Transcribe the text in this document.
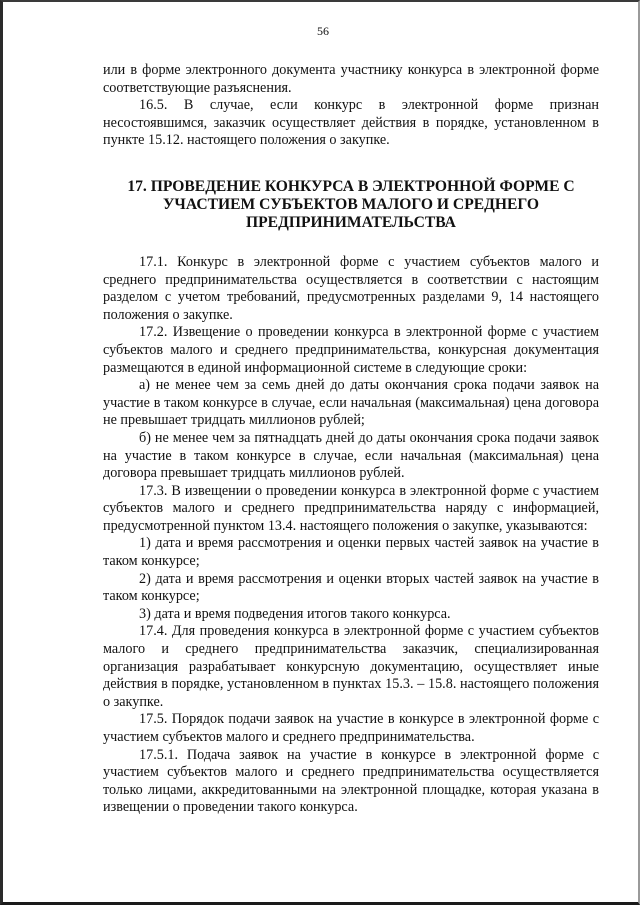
56

или в форме электронного документа участнику конкурса в электронной форме соответствующие разъяснения.

16.5. В случае, если конкурс в электронной форме признан несостоявшимся, заказчик осуществляет действия в порядке, установленном в пункте 15.12. настоящего положения о закупке.

17. ПРОВЕДЕНИЕ КОНКУРСА В ЭЛЕКТРОННОЙ ФОРМЕ С УЧАСТИЕМ СУБЪЕКТОВ МАЛОГО И СРЕДНЕГО ПРЕДПРИНИМАТЕЛЬСТВА

17.1. Конкурс в электронной форме с участием субъектов малого и среднего предпринимательства осуществляется в соответствии с настоящим разделом с учетом требований, предусмотренных разделами 9, 14 настоящего положения о закупке.

17.2. Извещение о проведении конкурса в электронной форме с участием субъектов малого и среднего предпринимательства, конкурсная документация размещаются в единой информационной системе в следующие сроки:

а) не менее чем за семь дней до даты окончания срока подачи заявок на участие в таком конкурсе в случае, если начальная (максимальная) цена договора не превышает тридцать миллионов рублей;

б) не менее чем за пятнадцать дней до даты окончания срока подачи заявок на участие в таком конкурсе в случае, если начальная (максимальная) цена договора превышает тридцать миллионов рублей.

17.3. В извещении о проведении конкурса в электронной форме с участием субъектов малого и среднего предпринимательства наряду с информацией, предусмотренной пунктом 13.4. настоящего положения о закупке, указываются:

1) дата и время рассмотрения и оценки первых частей заявок на участие в таком конкурсе;

2) дата и время рассмотрения и оценки вторых частей заявок на участие в таком конкурсе;

3) дата и время подведения итогов такого конкурса.

17.4. Для проведения конкурса в электронной форме с участием субъектов малого и среднего предпринимательства заказчик, специализированная организация разрабатывает конкурсную документацию, осуществляет иные действия в порядке, установленном в пунктах 15.3. – 15.8. настоящего положения о закупке.

17.5. Порядок подачи заявок на участие в конкурсе в электронной форме с участием субъектов малого и среднего предпринимательства.

17.5.1. Подача заявок на участие в конкурсе в электронной форме с участием субъектов малого и среднего предпринимательства осуществляется только лицами, аккредитованными на электронной площадке, которая указана в извещении о проведении такого конкурса.
